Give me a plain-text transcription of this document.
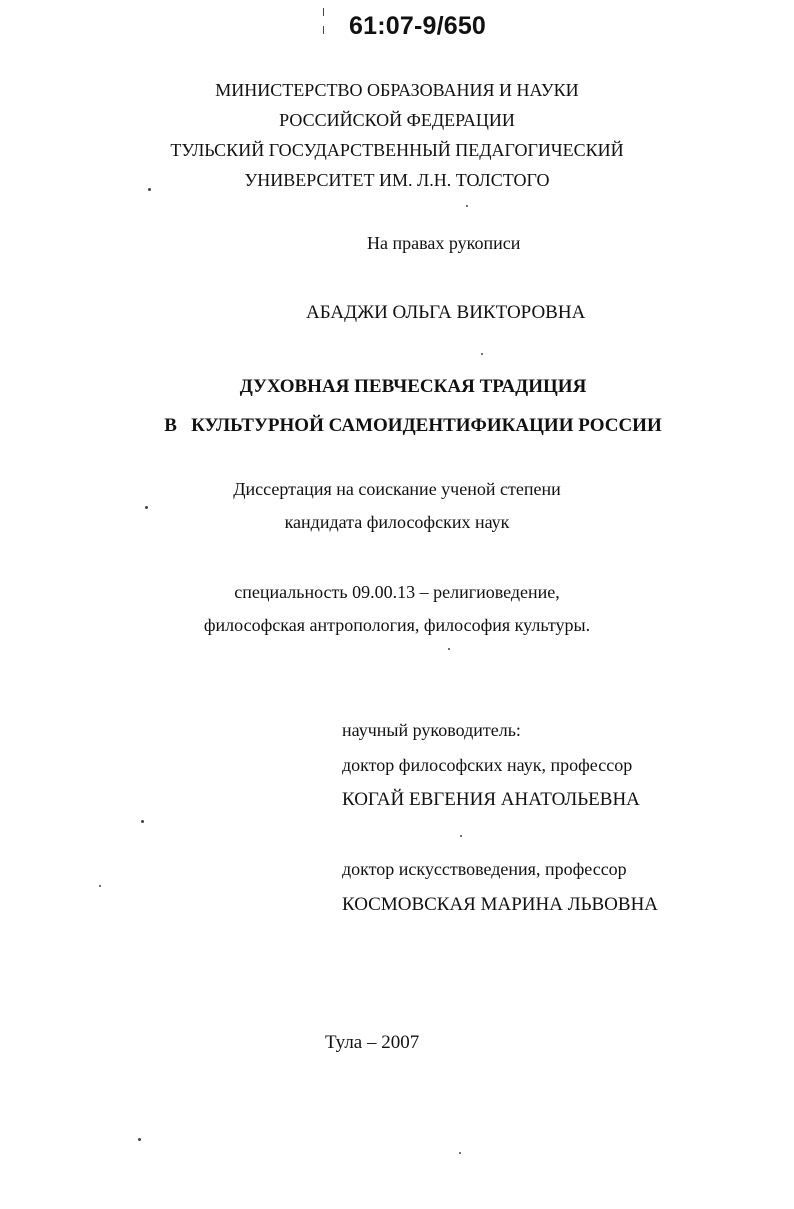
61:07-9/650
МИНИСТЕРСТВО ОБРАЗОВАНИЯ И НАУКИ
РОССИЙСКОЙ ФЕДЕРАЦИИ
ТУЛЬСКИЙ ГОСУДАРСТВЕННЫЙ ПЕДАГОГИЧЕСКИЙ
УНИВЕРСИТЕТ ИМ. Л.Н. ТОЛСТОГО
На правах рукописи
АБАДЖИ ОЛЬГА ВИКТОРОВНА
ДУХОВНАЯ ПЕВЧЕСКАЯ ТРАДИЦИЯ
В   КУЛЬТУРНОЙ САМОИДЕНТИФИКАЦИИ РОССИИ
Диссертация на соискание ученой степени
кандидата философских наук
специальность 09.00.13 – религиоведение,
философская антропология, философия культуры.
научный руководитель:
доктор философских наук, профессор
КОГАЙ ЕВГЕНИЯ АНАТОЛЬЕВНА
доктор искусствоведения, профессор
КОСМОВСКАЯ МАРИНА ЛЬВОВНА
Тула – 2007
